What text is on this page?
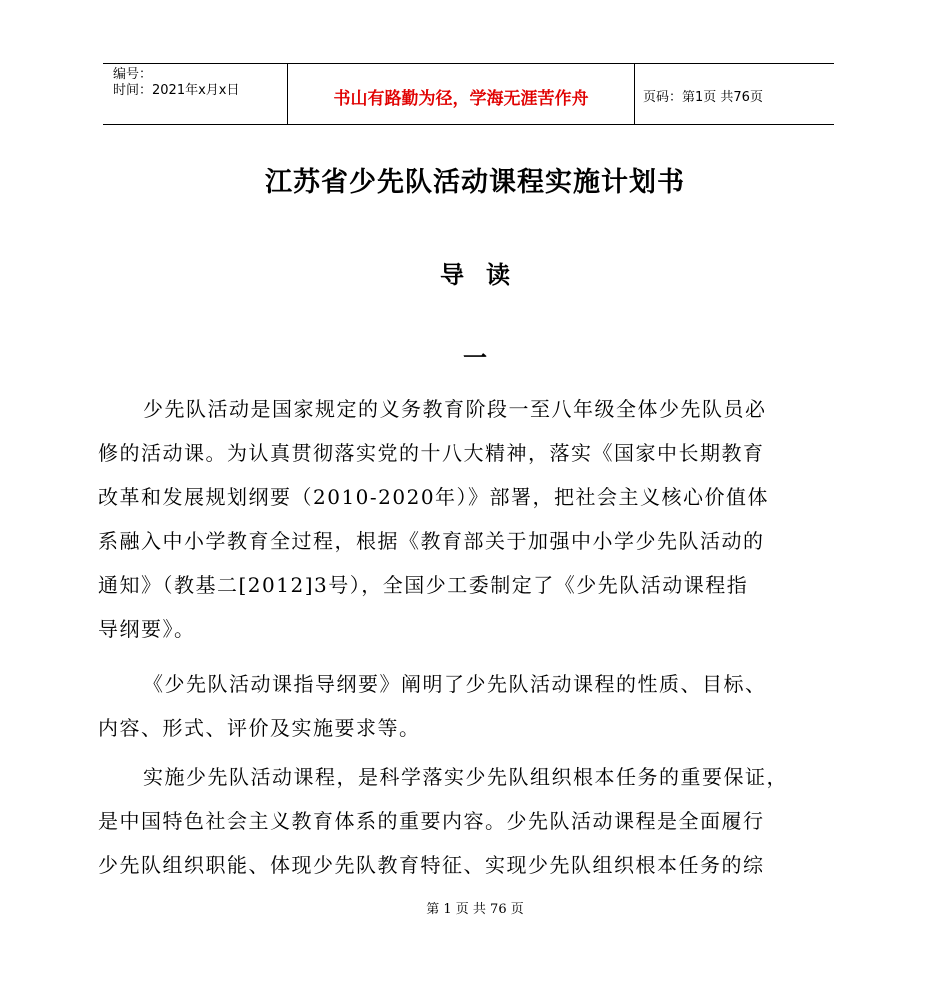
编号：
时间：2021年x月x日	书山有路勤为径，学海无涯苦作舟	页码：第1页 共76页
江苏省少先队活动课程实施计划书
导读
一
少先队活动是国家规定的义务教育阶段一至八年级全体少先队员必
修的活动课。为认真贯彻落实党的十八大精神，落实《国家中长期教育
改革和发展规划纲要（2010-2020年）》部署，把社会主义核心价值体
系融入中小学教育全过程，根据《教育部关于加强中小学少先队活动的
通知》（教基二[2012]3号），全国少工委制定了《少先队活动课程指
导纲要》。
《少先队活动课指导纲要》阐明了少先队活动课程的性质、目标、
内容、形式、评价及实施要求等。
实施少先队活动课程，是科学落实少先队组织根本任务的重要保证，
是中国特色社会主义教育体系的重要内容。少先队活动课程是全面履行
少先队组织职能、体现少先队教育特征、实现少先队组织根本任务的综
第 1 页 共 76 页
